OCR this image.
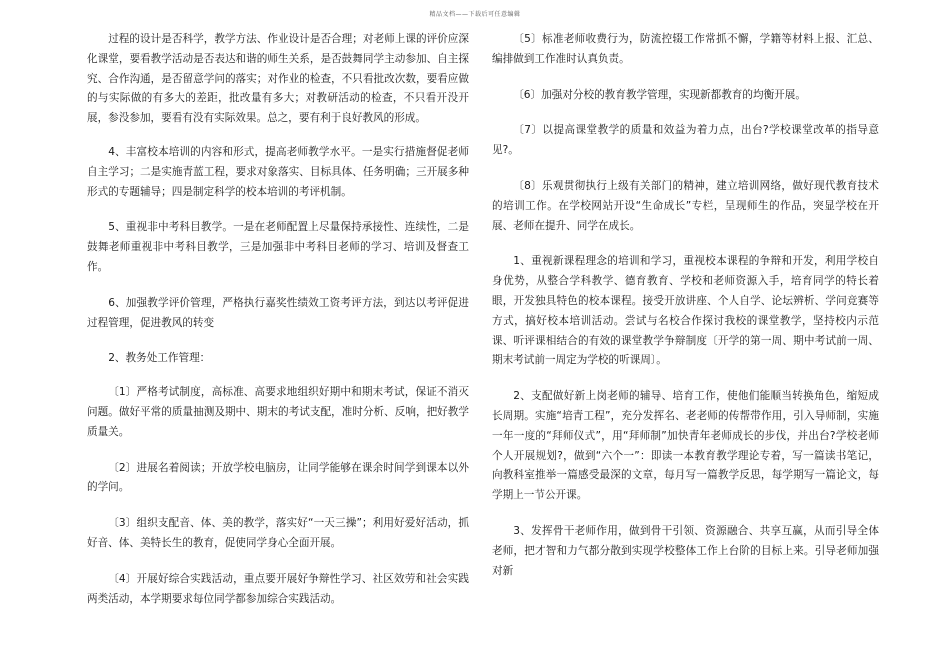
精品文档——下载后可任意编辑

过程的设计是否科学，教学方法、作业设计是否合理；对老师上课的评价应深化课堂，要看教学活动是否表达和谐的师生关系，是否鼓舞同学主动参加、自主探究、合作沟通，是否留意学问的落实；对作业的检查，不只看批改次数，要看应做的与实际做的有多大的差距，批改量有多大；对教研活动的检查，不只看开没开展，参没参加，要看有没有实际效果。总之，要有利于良好教风的形成。

4、丰富校本培训的内容和形式，提高老师教学水平。一是实行措施督促老师自主学习；二是实施青蓝工程，要求对象落实、目标具体、任务明确；三开展多种形式的专题辅导；四是制定科学的校本培训的考评机制。

5、重视非中考科目教学。一是在老师配置上尽量保持承接性、连续性，二是鼓舞老师重视非中考科目教学，三是加强非中考科目老师的学习、培训及督查工作。

6、加强教学评价管理，严格执行嘉奖性绩效工资考评方法，到达以考评促进过程管理，促进教风的转变

2、教务处工作管理：

〔1〕严格考试制度，高标准、高要求地组织好期中和期末考试，保证不消灭问题。做好平常的质量抽测及期中、期末的考试支配，准时分析、反响，把好教学质量关。

〔2〕进展名着阅读；开放学校电脑房，让同学能够在课余时间学到课本以外的学问。

〔3〕组织支配音、体、美的教学，落实好“一天三操”；利用好爱好活动，抓好音、体、美特长生的教育，促使同学身心全面开展。

〔4〕开展好综合实践活动，重点要开展好争辩性学习、社区效劳和社会实践两类活动，本学期要求每位同学都参加综合实践活动。

〔5〕标准老师收费行为，防流控辍工作常抓不懈，学籍等材料上报、汇总、编排做到工作准时认真负责。

〔6〕加强对分校的教育教学管理，实现新都教育的均衡开展。

〔7〕以提高课堂教学的质量和效益为着力点，出台?学校课堂改革的指导意见?。

〔8〕乐观贯彻执行上级有关部门的精神，建立培训网络，做好现代教育技术的培训工作。在学校网站开设“生命成长”专栏，呈现师生的作品，突显学校在开展、老师在提升、同学在成长。

1、重视新课程理念的培训和学习，重视校本课程的争辩和开发，利用学校自身优势，从整合学科教学、德育教育、学校和老师资源入手，培育同学的特长着眼，开发独具特色的校本课程。接受开放讲座、个人自学、论坛辨析、学问竞赛等方式，搞好校本培训活动。尝试与名校合作探讨我校的课堂教学，坚持校内示范课、听评课相结合的有效的课堂教学争辩制度〔开学的第一周、期中考试前一周、期末考试前一周定为学校的听课周〕。

2、支配做好新上岗老师的辅导、培育工作，使他们能顺当转换角色，缩短成长周期。实施“培青工程”，充分发挥名、老老师的传帮带作用，引入导师制，实施一年一度的“拜师仪式”，用“拜师制”加快青年老师成长的步伐，并出台?学校老师个人开展规划?，做到“六个一”：即读一本教育教学理论专着，写一篇读书笔记，向教科室推举一篇感受最深的文章，每月写一篇教学反思，每学期写一篇论文，每学期上一节公开课。

3、发挥骨干老师作用，做到骨干引领、资源融合、共享互赢，从而引导全体老师，把才智和力气都分散到实现学校整体工作上台阶的目标上来。引导老师加强对新
